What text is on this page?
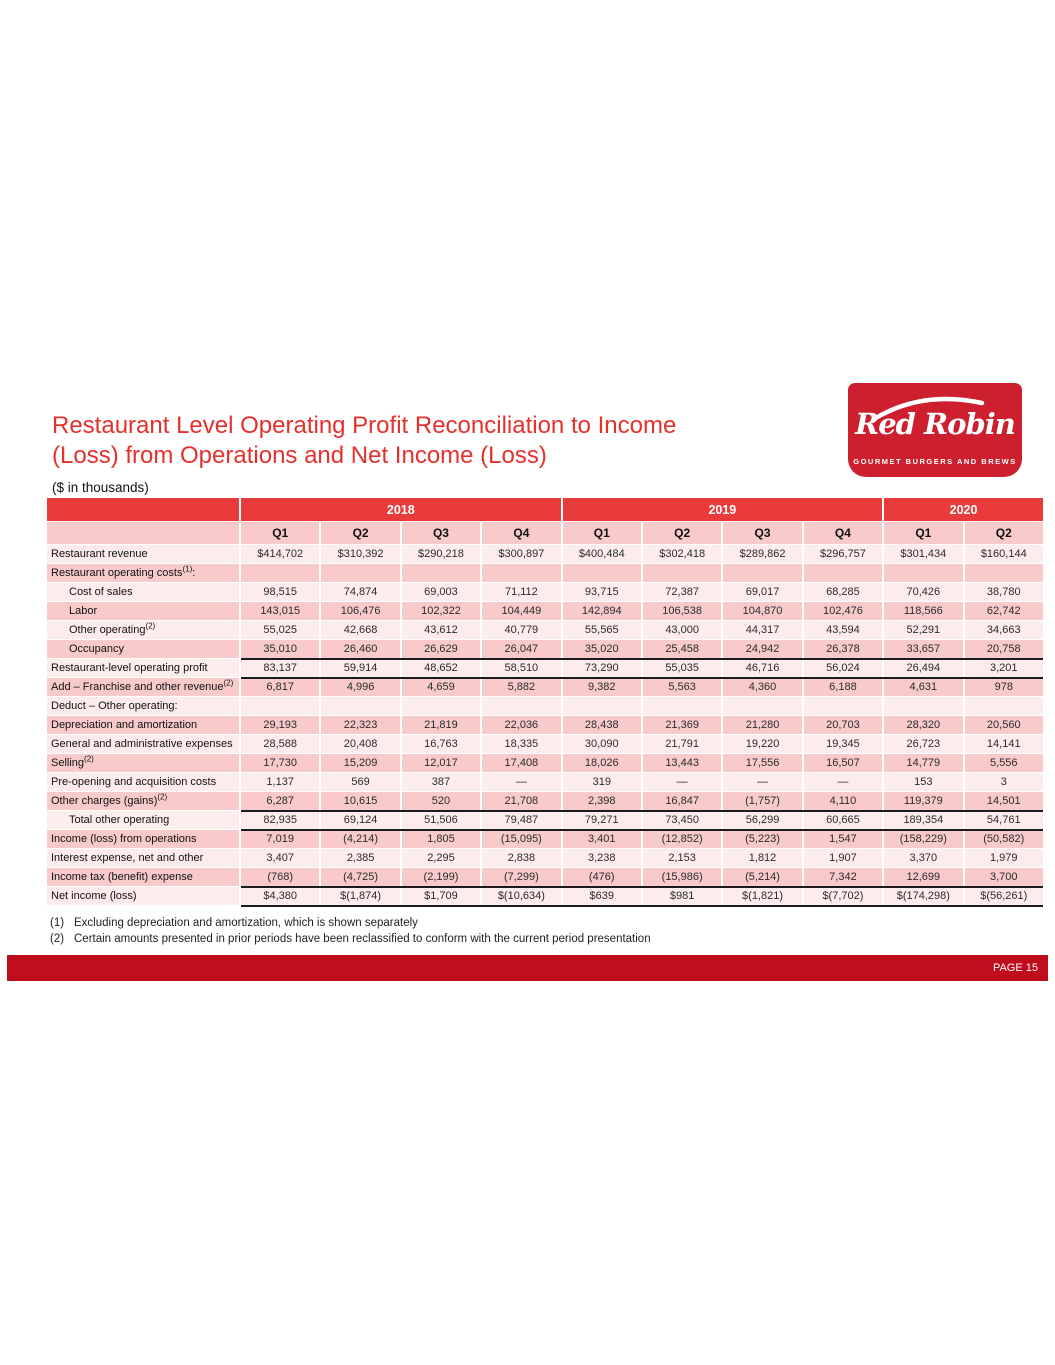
Restaurant Level Operating Profit Reconciliation to Income
(Loss) from Operations and Net Income (Loss)
($ in thousands)
Red Robin
GOURMET BURGERS AND BREWS
	2018				2019				2020	
	Q1	Q2	Q3	Q4	Q1	Q2	Q3	Q4	Q1	Q2
Restaurant revenue	$414,702	$310,392	$290,218	$300,897	$400,484	$302,418	$289,862	$296,757	$301,434	$160,144
Restaurant operating costs$^{(1)}$:										
Cost of sales	98,515	74,874	69,003	71,112	93,715	72,387	69,017	68,285	70,426	38,780
Labor	143,015	106,476	102,322	104,449	142,894	106,538	104,870	102,476	118,566	62,742
Other operating$^{(2)}$	55,025	42,668	43,612	40,779	55,565	43,000	44,317	43,594	52,291	34,663
Occupancy	35,010	26,460	26,629	26,047	35,020	25,458	24,942	26,378	33,657	20,758
Restaurant-level operating profit	83,137	59,914	48,652	58,510	73,290	55,035	46,716	56,024	26,494	3,201
Add – Franchise and other revenue$^{(2)}$	6,817	4,996	4,659	5,882	9,382	5,563	4,360	6,188	4,631	978
Deduct – Other operating:										
Depreciation and amortization	29,193	22,323	21,819	22,036	28,438	21,369	21,280	20,703	28,320	20,560
General and administrative expenses	28,588	20,408	16,763	18,335	30,090	21,791	19,220	19,345	26,723	14,141
Selling$^{(2)}$	17,730	15,209	12,017	17,408	18,026	13,443	17,556	16,507	14,779	5,556
Pre-opening and acquisition costs	1,137	569	387	—	319	—	—	—	153	3
Other charges (gains)$^{(2)}$	6,287	10,615	520	21,708	2,398	16,847	(1,757)	4,110	119,379	14,501
Total other operating	82,935	69,124	51,506	79,487	79,271	73,450	56,299	60,665	189,354	54,761
Income (loss) from operations	7,019	(4,214)	1,805	(15,095)	3,401	(12,852)	(5,223)	1,547	(158,229)	(50,582)
Interest expense, net and other	3,407	2,385	2,295	2,838	3,238	2,153	1,812	1,907	3,370	1,979
Income tax (benefit) expense	(768)	(4,725)	(2,199)	(7,299)	(476)	(15,986)	(5,214)	7,342	12,699	3,700
Net income (loss)	$4,380	$(1,874)	$1,709	$(10,634)	$639	$981	$(1,821)	$(7,702)	$(174,298)	$(56,261)
(1) Excluding depreciation and amortization, which is shown separately
(2) Certain amounts presented in prior periods have been reclassified to conform with the current period presentation
PAGE 15
